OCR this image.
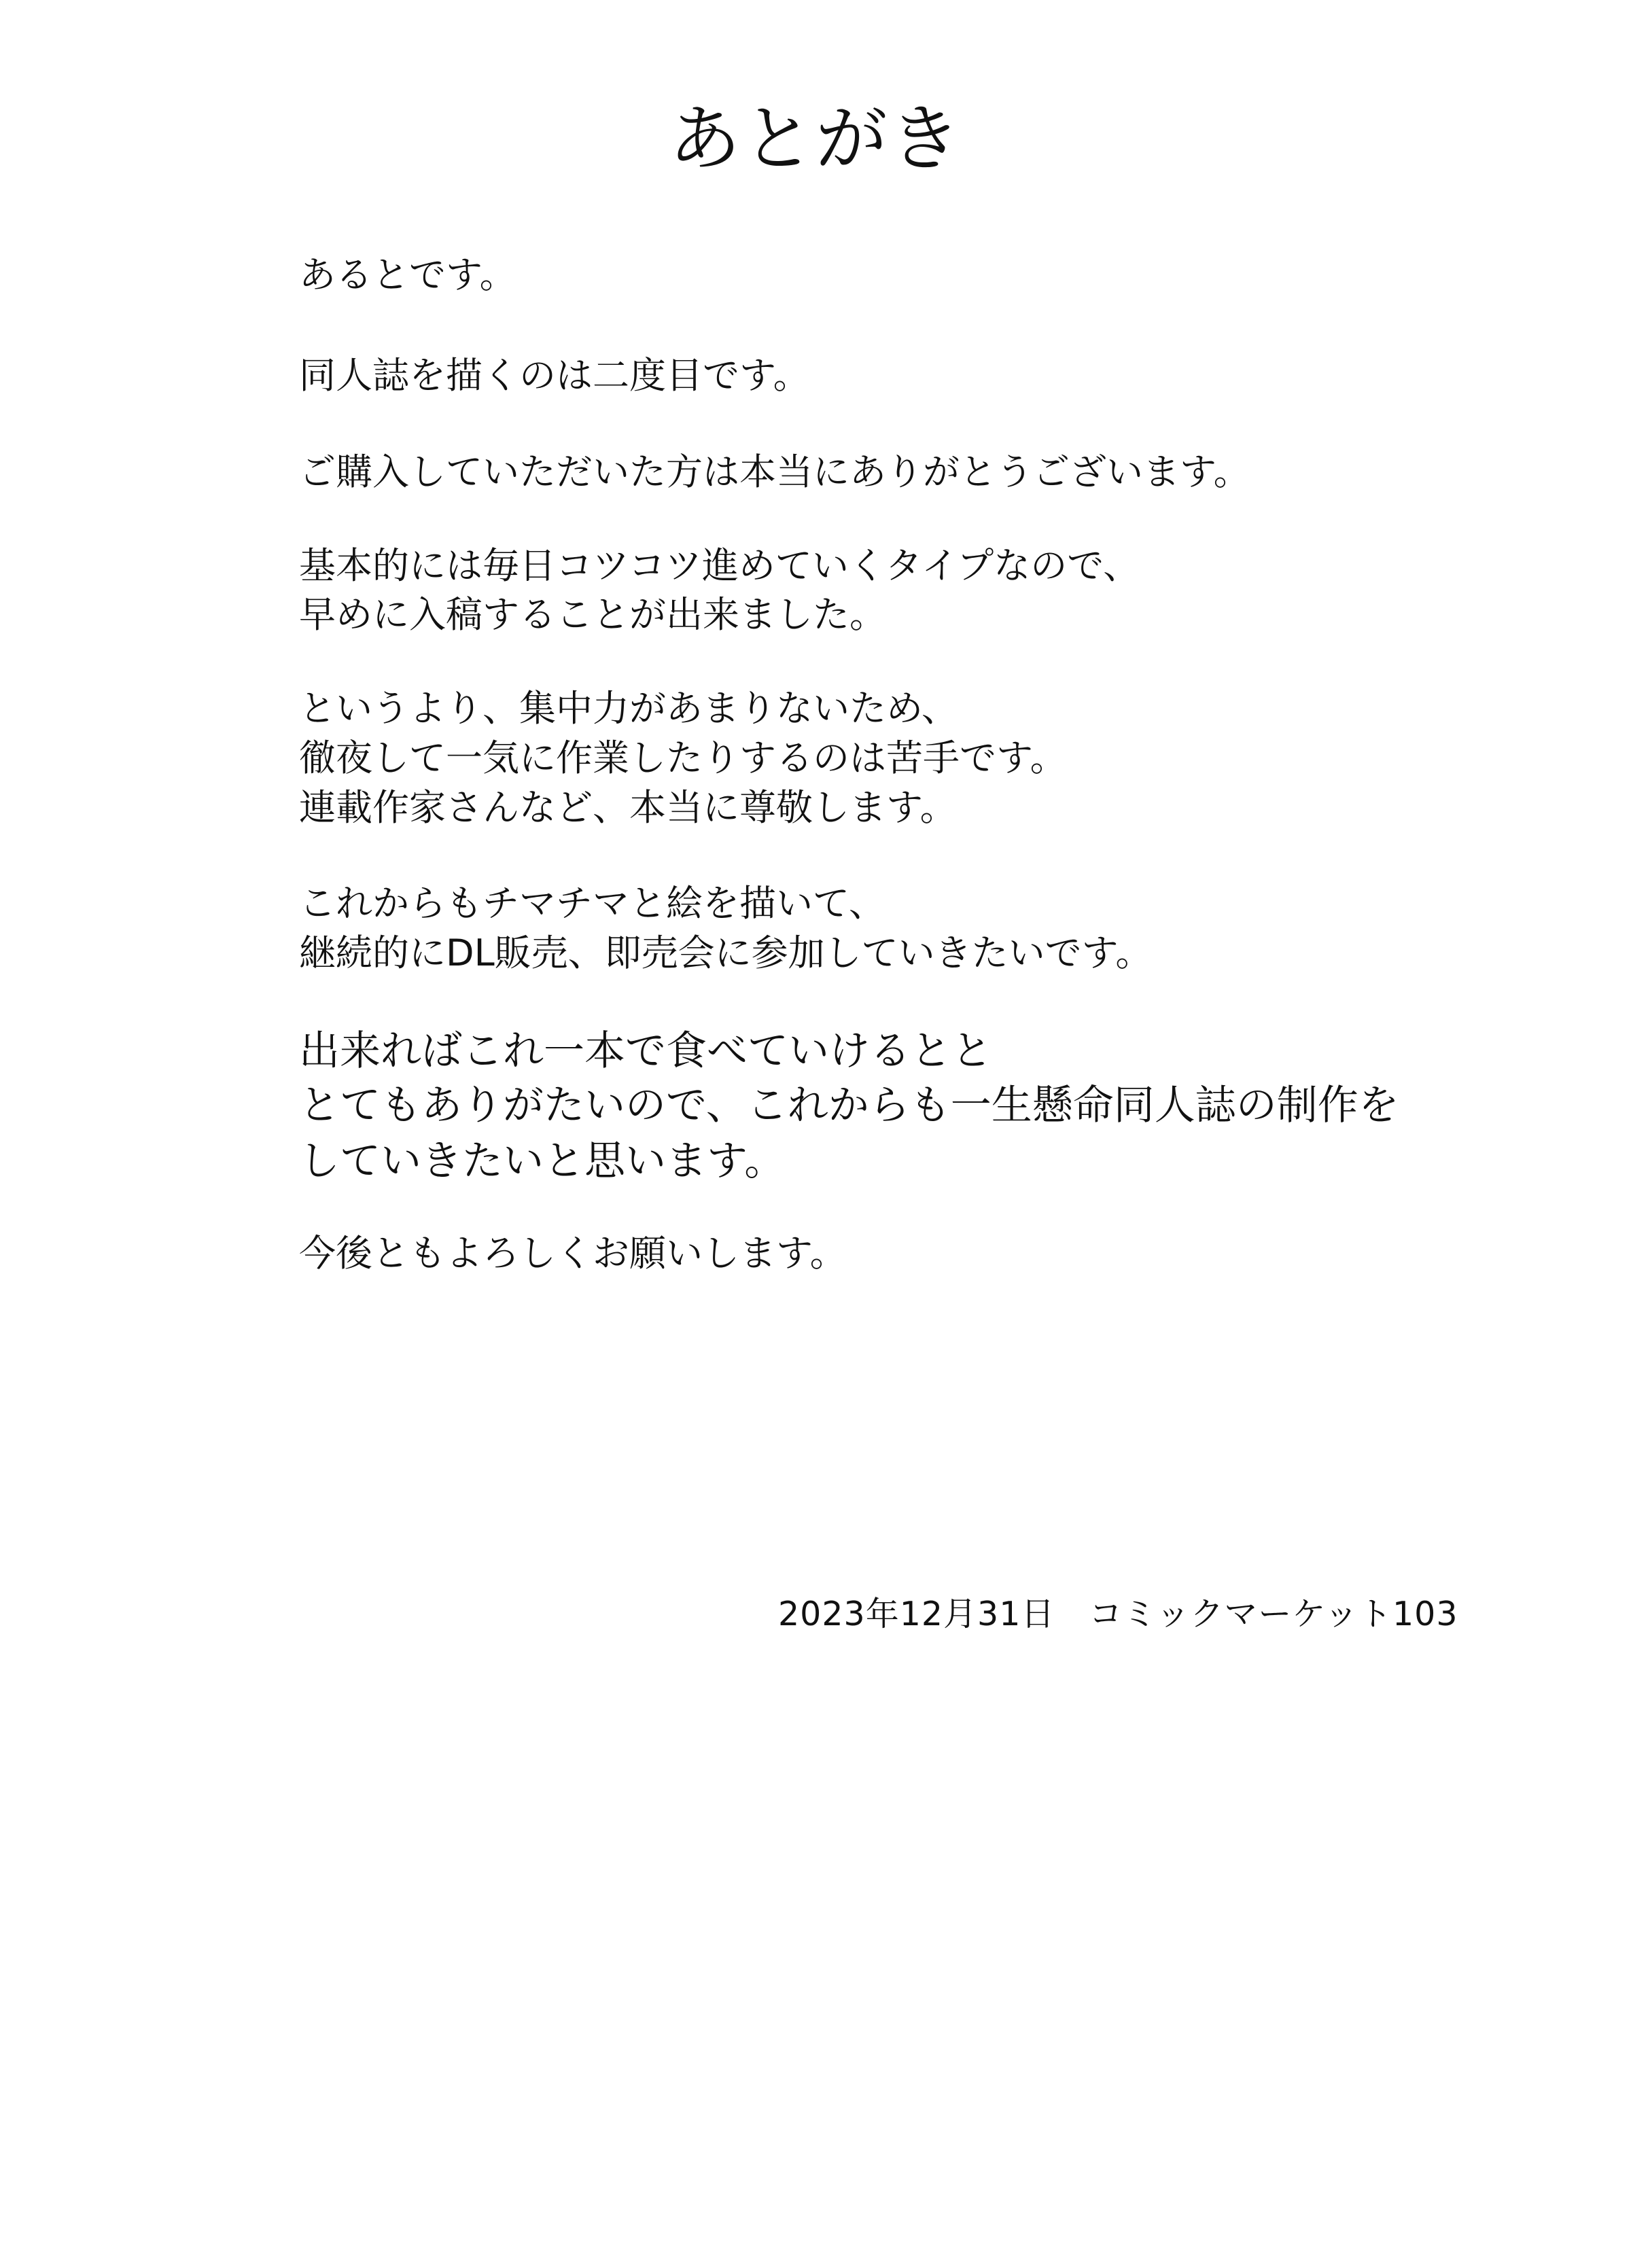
あとがき
あるとです。
同人誌を描くのは二度目です。
ご購入していただいた方は本当にありがとうございます。
基本的には毎日コツコツ進めていくタイプなので、
早めに入稿することが出来ました。
というより、集中力があまりないため、
徹夜して一気に作業したりするのは苦手です。
連載作家さんなど、本当に尊敬します。
これからもチマチマと絵を描いて、
継続的にDL販売、即売会に参加していきたいです。
出来ればこれ一本で食べていけるとと
とてもありがたいので、これからも一生懸命同人誌の制作を
していきたいと思います。
今後ともよろしくお願いします。
2023年12月31日　コミックマーケット103
